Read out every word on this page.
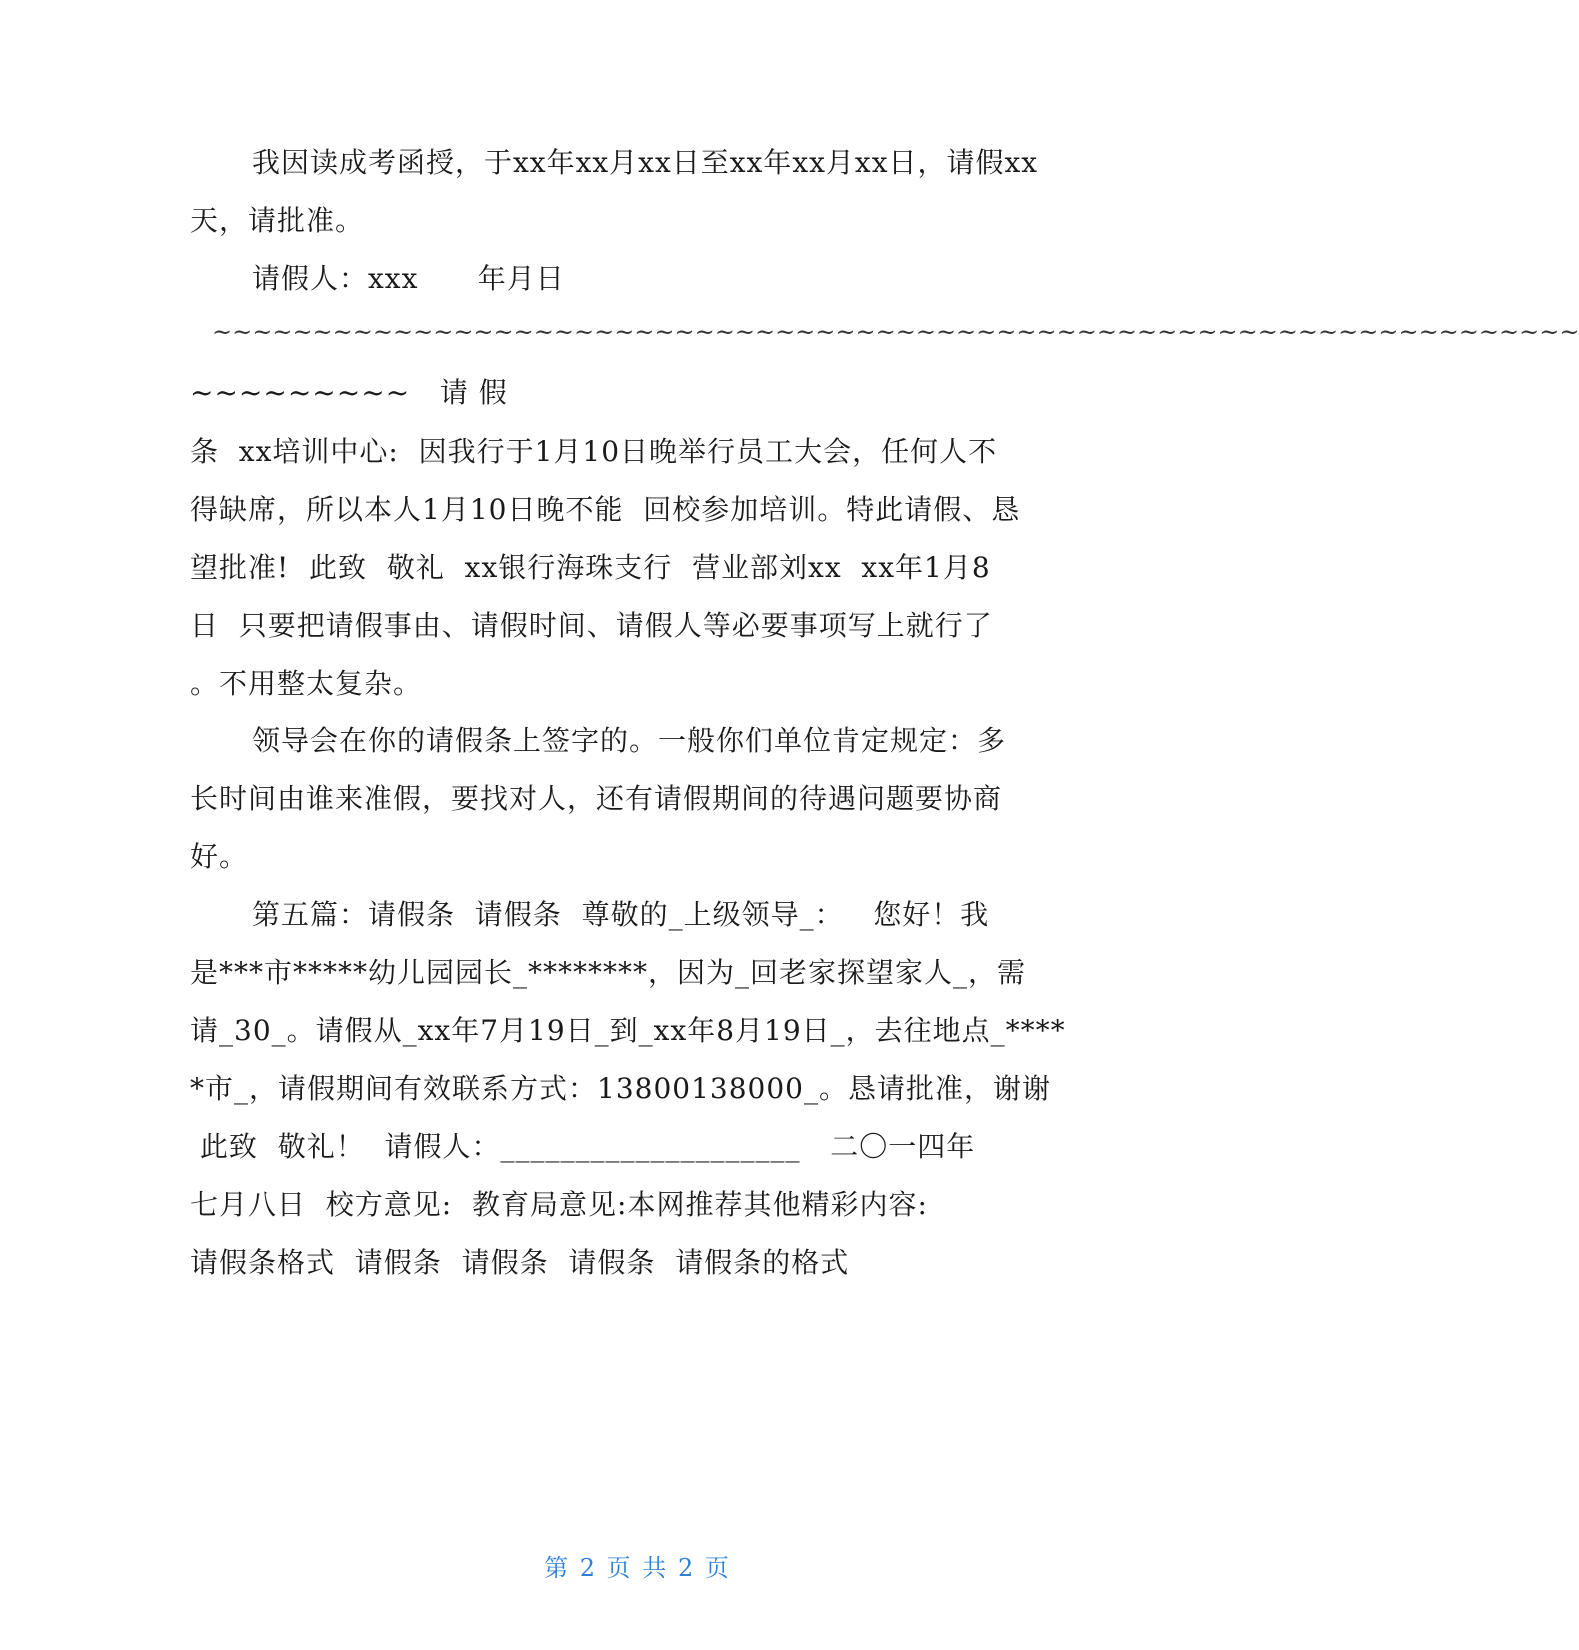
我因读成考函授，于xx年xx月xx日至xx年xx月xx日，请假xx
天，请批准。
请假人：xxx      年月日
~~~~~~~~~~~~~~~~~~~~~~~~~~~~~~~~~~~~~~~~~~~~~~~~~~~~~~~~~~~~~~~~~~~~
~~~~~~~~~   请 假
条  xx培训中心:  因我行于1月10日晚举行员工大会，任何人不
得缺席，所以本人1月10日晚不能  回校参加培训。特此请假、恳
望批准!  此致  敬礼  xx银行海珠支行  营业部刘xx  xx年1月8
日  只要把请假事由、请假时间、请假人等必要事项写上就行了
。不用整太复杂。
领导会在你的请假条上签字的。一般你们单位肯定规定：多
长时间由谁来准假，要找对人，还有请假期间的待遇问题要协商
好。
第五篇：请假条  请假条  尊敬的_上级领导_：   您好！我
是***市*****幼儿园园长_********，因为_回老家探望家人_，需
请_30_。请假从_xx年7月19日_到_xx年8月19日_，去往地点_****
*市_，请假期间有效联系方式：13800138000_。恳请批准，谢谢
此致  敬礼！  请假人：____________________   二〇一四年
七月八日  校方意见:  教育局意见:本网推荐其他精彩内容:
请假条格式  请假条  请假条  请假条  请假条的格式
第 2 页 共 2 页
